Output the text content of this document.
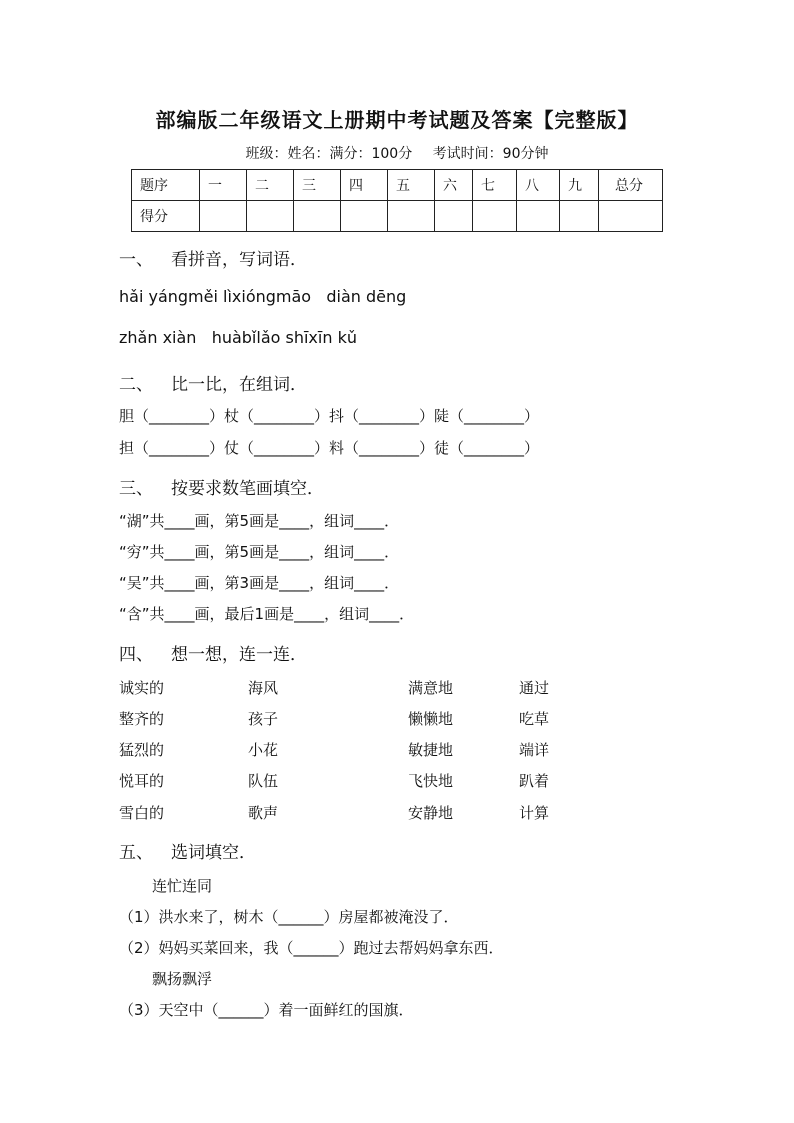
部编版二年级语文上册期中考试题及答案【完整版】
班级：姓名：满分：100分 考试时间：90分钟
题序	一	二	三	四	五	六	七	八	九	总分
得分										
一、 看拼音，写词语．
hǎi yángměi lìxióngmāo   diàn dēng
zhǎn xiàn   huàbǐlǎo shīxīn kǔ
二、 比一比，在组词．
胆（________）杖（________）抖（________）陡（________）
担（________）仗（________）料（________）徒（________）
三、 按要求数笔画填空．
“湖”共____画，第5画是____，组词____．
“穷”共____画，第5画是____，组词____．
“吴”共____画，第3画是____，组词____．
“含”共____画，最后1画是____，组词____．
四、 想一想，连一连．
诚实的	海风	满意地	通过
整齐的	孩子	懒懒地	吃草
猛烈的	小花	敏捷地	端详
悦耳的	队伍	飞快地	趴着
雪白的	歌声	安静地	计算
五、 选词填空．
连忙连同
（1）洪水来了，树木（______）房屋都被淹没了．
（2）妈妈买菜回来，我（______）跑过去帮妈妈拿东西．
飘扬飘浮
（3）天空中（______）着一面鲜红的国旗．
